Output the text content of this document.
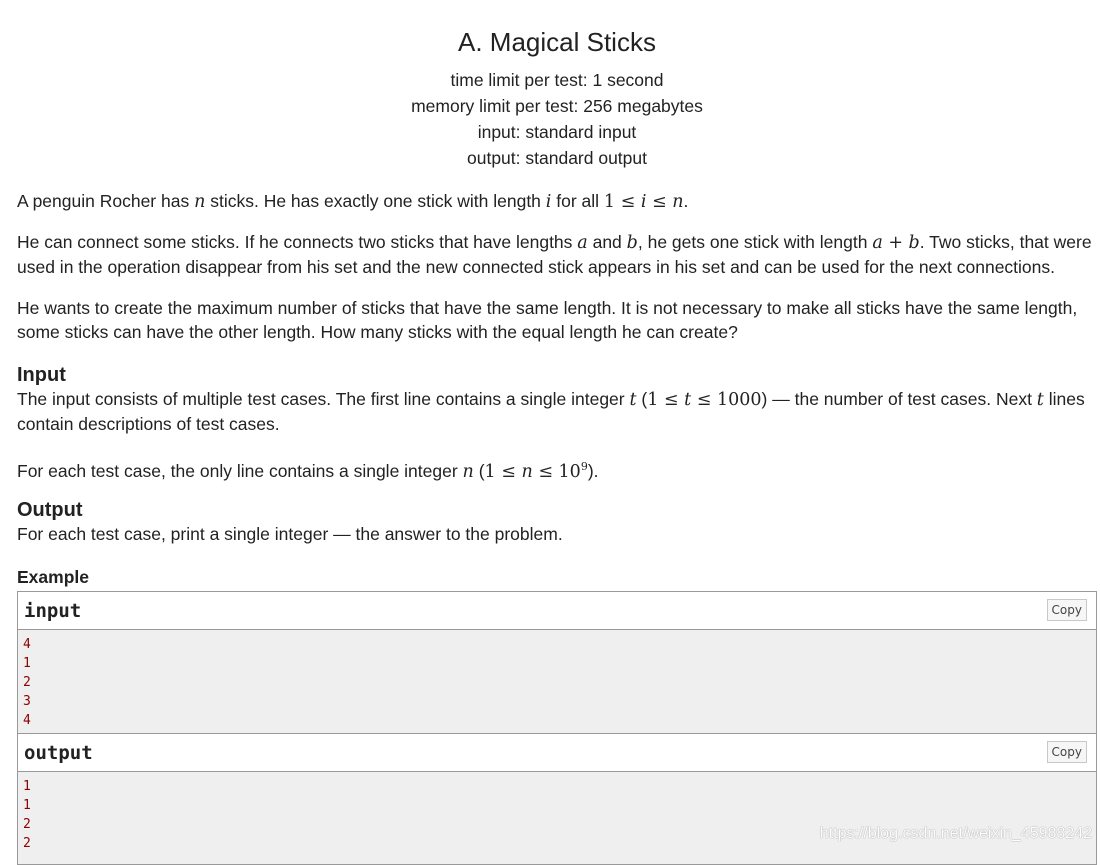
A. Magical Sticks
time limit per test: 1 second
memory limit per test: 256 megabytes
input: standard input
output: standard output

A penguin Rocher has n sticks. He has exactly one stick with length i for all 1 ≤ i ≤ n.

He can connect some sticks. If he connects two sticks that have lengths a and b, he gets one stick with length a + b. Two sticks, that were used in the operation disappear from his set and the new connected stick appears in his set and can be used for the next connections.

He wants to create the maximum number of sticks that have the same length. It is not necessary to make all sticks have the same length, some sticks can have the other length. How many sticks with the equal length he can create?

Input

The input consists of multiple test cases. The first line contains a single integer t (1 ≤ t ≤ 1000) — the number of test cases. Next t lines contain descriptions of test cases.

For each test case, the only line contains a single integer n $(1 \le n \le 10^9)$.

Output

For each test case, print a single integer — the answer to the problem.

Example
input	Copy
4
1
2
3
4
output	Copy
1
1
2
2
https://blog.csdn.net/weixin_45988242
